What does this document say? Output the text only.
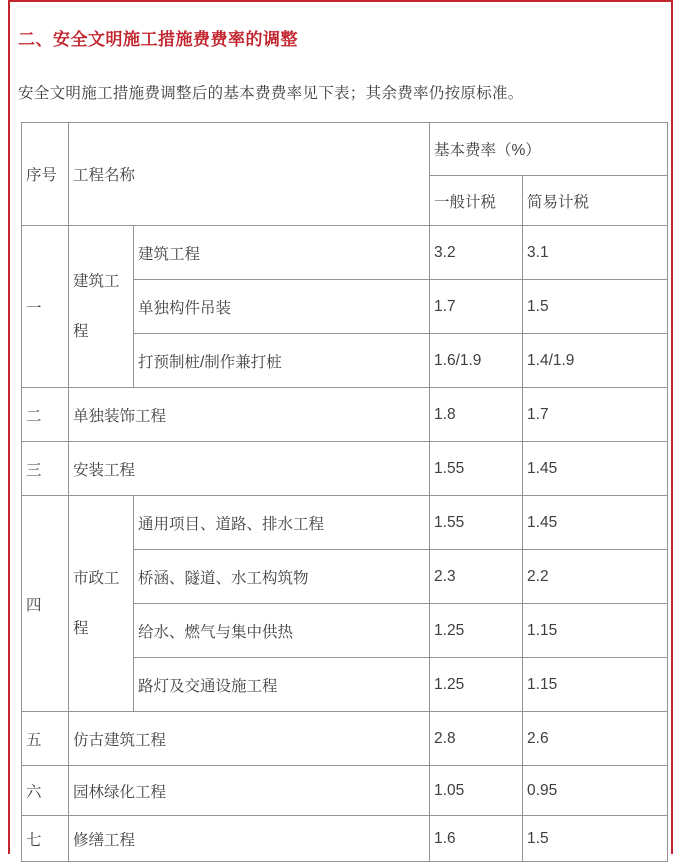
二、安全文明施工措施费费率的调整
安全文明施工措施费调整后的基本费费率见下表；其余费率仍按原标准。
序号	工程名称		基本费率（%）	
			一般计税	简易计税
一	建筑工程	建筑工程	3.2	3.1
		单独构件吊装	1.7	1.5
		打预制桩/制作兼打桩	1.6/1.9	1.4/1.9
二	单独装饰工程		1.8	1.7
三	安装工程		1.55	1.45
四	市政工程	通用项目、道路、排水工程	1.55	1.45
		桥涵、隧道、水工构筑物	2.3	2.2
		给水、燃气与集中供热	1.25	1.15
		路灯及交通设施工程	1.25	1.15
五	仿古建筑工程		2.8	2.6
六	园林绿化工程		1.05	0.95
七	修缮工程		1.6	1.5
